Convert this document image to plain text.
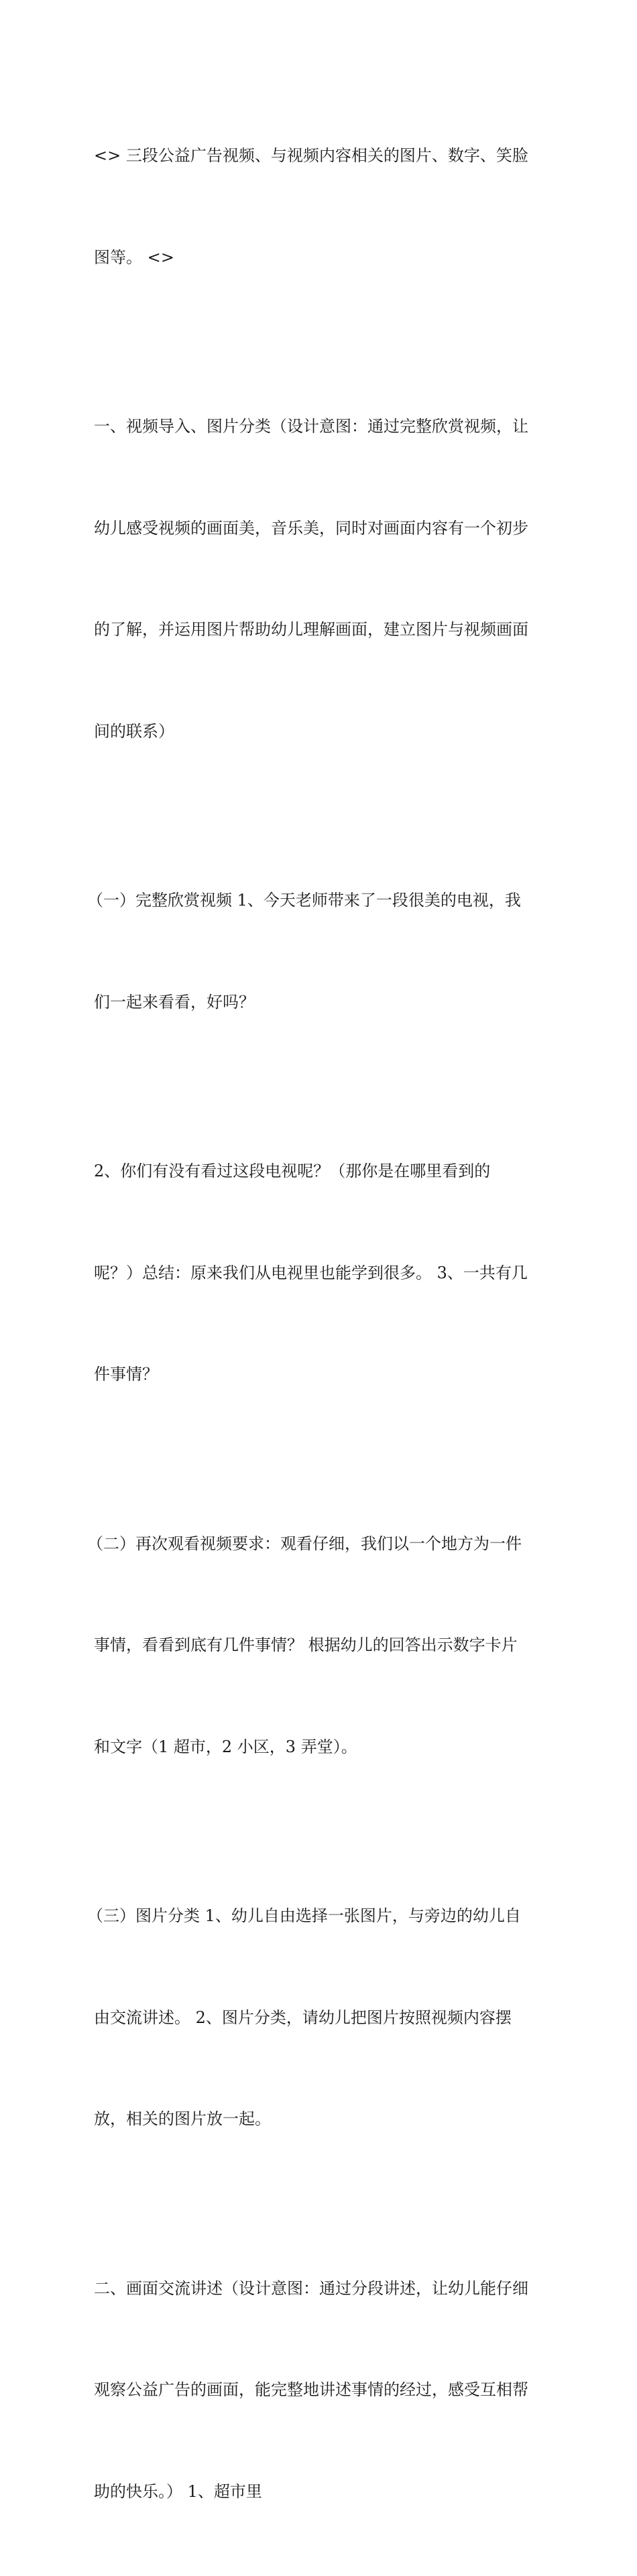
<> 三段公益广告视频、与视频内容相关的图片、数字、笑脸

图等。 <>

一、视频导入、图片分类（设计意图：通过完整欣赏视频，让

幼儿感受视频的画面美，音乐美，同时对画面内容有一个初步

的了解，并运用图片帮助幼儿理解画面，建立图片与视频画面

间的联系）

（一）完整欣赏视频 1、今天老师带来了一段很美的电视，我

们一起来看看，好吗？

2、你们有没有看过这段电视呢？（那你是在哪里看到的

呢？）总结：原来我们从电视里也能学到很多。 3、一共有几

件事情？

（二）再次观看视频要求：观看仔细，我们以一个地方为一件

事情，看看到底有几件事情？ 根据幼儿的回答出示数字卡片

和文字（1 超市，2 小区，3 弄堂）。

（三）图片分类 1、幼儿自由选择一张图片，与旁边的幼儿自

由交流讲述。 2、图片分类，请幼儿把图片按照视频内容摆

放，相关的图片放一起。

二、画面交流讲述（设计意图：通过分段讲述，让幼儿能仔细

观察公益广告的画面，能完整地讲述事情的经过，感受互相帮

助的快乐。） 1、超市里
